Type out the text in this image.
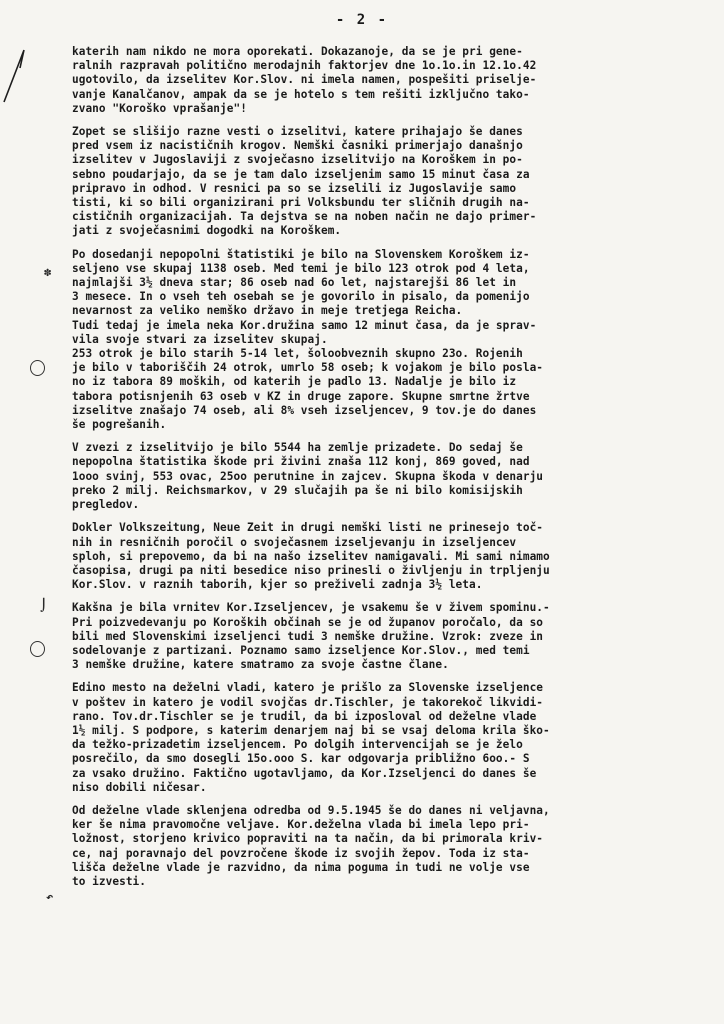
- 2 -
✽
⌡
↶

katerih nam nikdo ne mora oporekati. Dokazanoje, da se je pri gene-
ralnih razpravah politično merodajnih faktorjev dne 1o.1o.in 12.1o.42
ugotovilo, da izselitev Kor.Slov. ni imela namen, pospešiti priselje-
vanje Kanalčanov, ampak da se je hotelo s tem rešiti izključno tako-
zvano "Koroško vprašanje"!

Zopet se slišijo razne vesti o izselitvi, katere prihajajo še danes
pred vsem iz nacističnih krogov. Nemški časniki primerjajo današnjo
izselitev v Jugoslaviji z svoječasno izselitvijo na Koroškem in po-
sebno poudarjajo, da se je tam dalo izseljenim samo 15 minut časa za
pripravo in odhod. V resnici pa so se izselili iz Jugoslavije samo
tisti, ki so bili organizirani pri Volksbundu ter sličnih drugih na-
cističnih organizacijah. Ta dejstva se na noben način ne dajo primer-
jati z svoječasnimi dogodki na Koroškem.

Po dosedanji nepopolni štatistiki je bilo na Slovenskem Koroškem iz-
seljeno vse skupaj 1138 oseb. Med temi je bilo 123 otrok pod 4 leta,
najmlajši 3½ dneva star; 86 oseb nad 6o let, najstarejši 86 let in
3 mesece. In o vseh teh osebah se je govorilo in pisalo, da pomenijo
nevarnost za veliko nemško državo in meje tretjega Reicha.
Tudi tedaj je imela neka Kor.družina samo 12 minut časa, da je sprav-
vila svoje stvari za izselitev skupaj.
253 otrok je bilo starih 5-14 let, šoloobveznih skupno 23o. Rojenih
je bilo v taboriščih 24 otrok, umrlo 58 oseb; k vojakom je bilo posla-
no iz tabora 89 moških, od katerih je padlo 13. Nadalje je bilo iz
tabora potisnjenih 63 oseb v KZ in druge zapore. Skupne smrtne žrtve
izselitve znašajo 74 oseb, ali 8% vseh izseljencev, 9 tov.je do danes
še pogrešanih.

V zvezi z izselitvijo je bilo 5544 ha zemlje prizadete. Do sedaj še
nepopolna štatistika škode pri živini znaša 112 konj, 869 goved, nad
1ooo svinj, 553 ovac, 25oo perutnine in zajcev. Skupna škoda v denarju
preko 2 milj. Reichsmarkov, v 29 slučajih pa še ni bilo komisijskih
pregledov.

Dokler Volkszeitung, Neue Zeit in drugi nemški listi ne prinesejo toč-
nih in resničnih poročil o svoječasnem izseljevanju in izseljencev
sploh, si prepovemo, da bi na našo izselitev namigavali. Mi sami nimamo
časopisa, drugi pa niti besedice niso prinesli o življenju in trpljenju
Kor.Slov. v raznih taborih, kjer so preživeli zadnja 3½ leta.

Kakšna je bila vrnitev Kor.Izseljencev, je vsakemu še v živem spominu.-
Pri poizvedevanju po Koroških občinah se je od županov poročalo, da so
bili med Slovenskimi izseljenci tudi 3 nemške družine. Vzrok: zveze in
sodelovanje z partizani. Poznamo samo izseljence Kor.Slov., med temi
3 nemške družine, katere smatramo za svoje častne člane.

Edino mesto na deželni vladi, katero je prišlo za Slovenske izseljence
v poštev in katero je vodil svojčas dr.Tischler, je takorekoč likvidi-
rano. Tov.dr.Tischler se je trudil, da bi izposloval od deželne vlade
1½ milj. S podpore, s katerim denarjem naj bi se vsaj deloma krila ško-
da težko-prizadetim izseljencem. Po dolgih intervencijah se je želo
posrečilo, da smo dosegli 15o.ooo S. kar odgovarja približno 6oo.- S
za vsako družino. Faktično ugotavljamo, da Kor.Izseljenci do danes še
niso dobili ničesar.

Od deželne vlade sklenjena odredba od 9.5.1945 še do danes ni veljavna,
ker še nima pravomočne veljave. Kor.deželna vlada bi imela lepo pri-
ložnost, storjeno krivico popraviti na ta način, da bi primorala kriv-
ce, naj poravnajo del povzročene škode iz svojih žepov. Toda iz sta-
lišča deželne vlade je razvidno, da nima poguma in tudi ne volje vse
to izvesti.
